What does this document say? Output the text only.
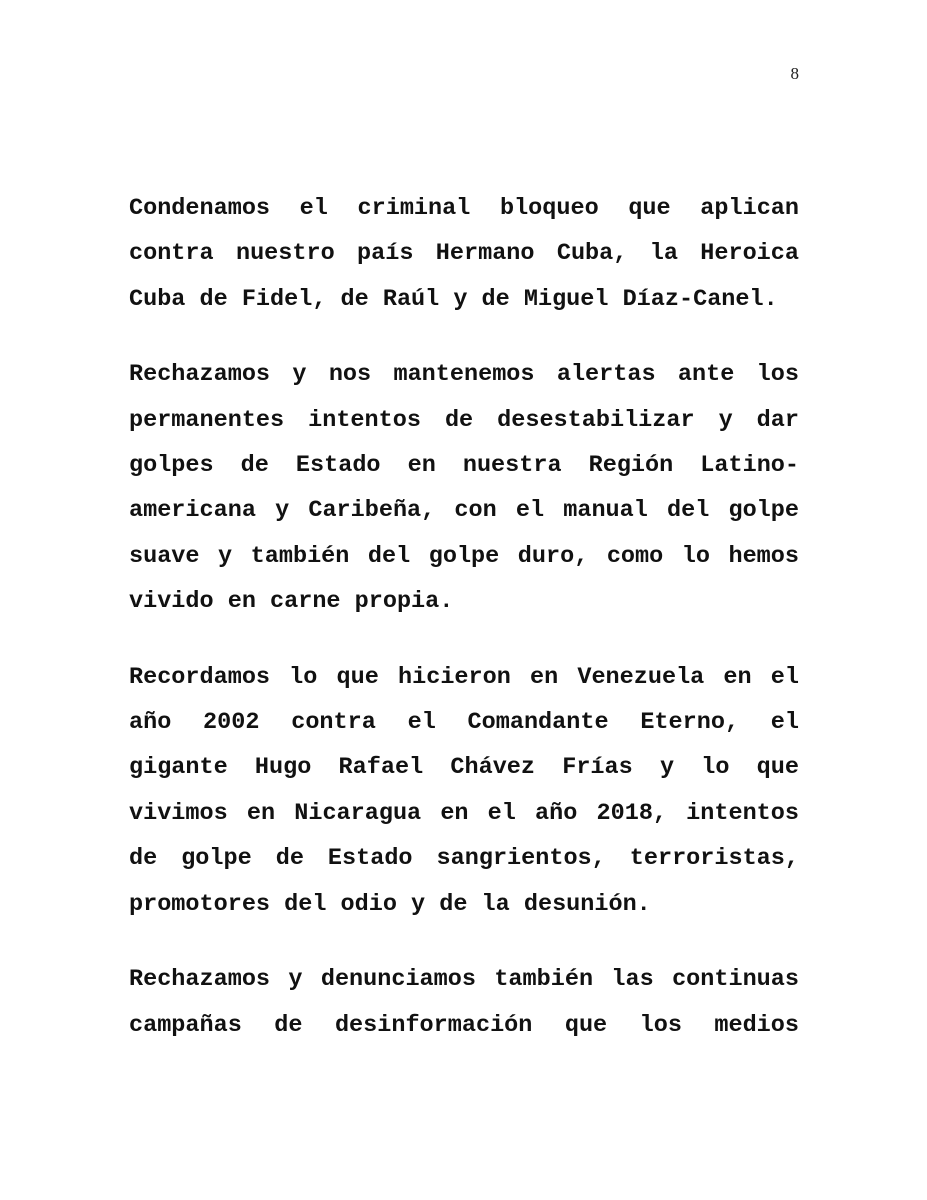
8

Condenamos el criminal bloqueo que aplican contra nuestro país Hermano Cuba, la Heroica Cuba de Fidel, de Raúl y de Miguel Díaz-Canel.

Rechazamos y nos mantenemos alertas ante los permanentes intentos de desestabilizar y dar golpes de Estado en nuestra Región Latino-americana y Caribeña, con el manual del golpe suave y también del golpe duro, como lo hemos vivido en carne propia.

Recordamos lo que hicieron en Venezuela en el año 2002 contra el Comandante Eterno, el gigante Hugo Rafael Chávez Frías y lo que vivimos en Nicaragua en el año 2018, intentos de golpe de Estado sangrientos, terroristas, promotores del odio y de la desunión.

Rechazamos y denunciamos también las continuas campañas de desinformación que los medios
